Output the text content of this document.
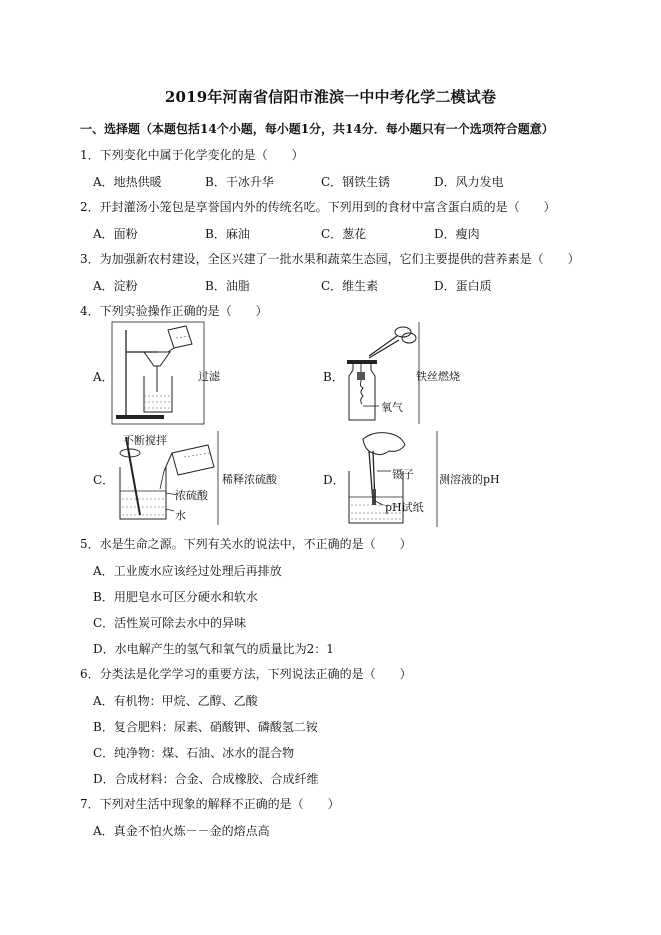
2019年河南省信阳市淮滨一中中考化学二模试卷
一、选择题（本题包括14个小题，每小题1分，共14分．每小题只有一个选项符合题意）
1．下列变化中属于化学变化的是（　　）
A．地热供暖	B．干冰升华	C．钢铁生锈	D．风力发电
2．开封灌汤小笼包是享誉国内外的传统名吃。下列用到的食材中富含蛋白质的是（　　）
A．面粉	B．麻油	C．葱花	D．瘦肉
3．为加强新农村建设，全区兴建了一批水果和蔬菜生态园，它们主要提供的营养素是（　　）
A．淀粉	B．油脂	C．维生素	D．蛋白质
4．下列实验操作正确的是（　　）
A．	过滤	B．	铁丝燃烧
氧气
C．
不断搅拌
浓硫酸
水
稀释浓硫酸	D．	镊子
pH试纸
测溶液的pH
5．水是生命之源。下列有关水的说法中，不正确的是（　　）
A．工业废水应该经过处理后再排放
B．用肥皂水可区分硬水和软水
C．活性炭可除去水中的异味
D．水电解产生的氢气和氧气的质量比为2：1
6．分类法是化学学习的重要方法，下列说法正确的是（　　）
A．有机物：甲烷、乙醇、乙酸
B．复合肥料：尿素、硝酸钾、磷酸氢二铵
C．纯净物：煤、石油、冰水的混合物
D．合成材料：合金、合成橡胶、合成纤维
7．下列对生活中现象的解释不正确的是（　　）
A．真金不怕火炼－－金的熔点高
